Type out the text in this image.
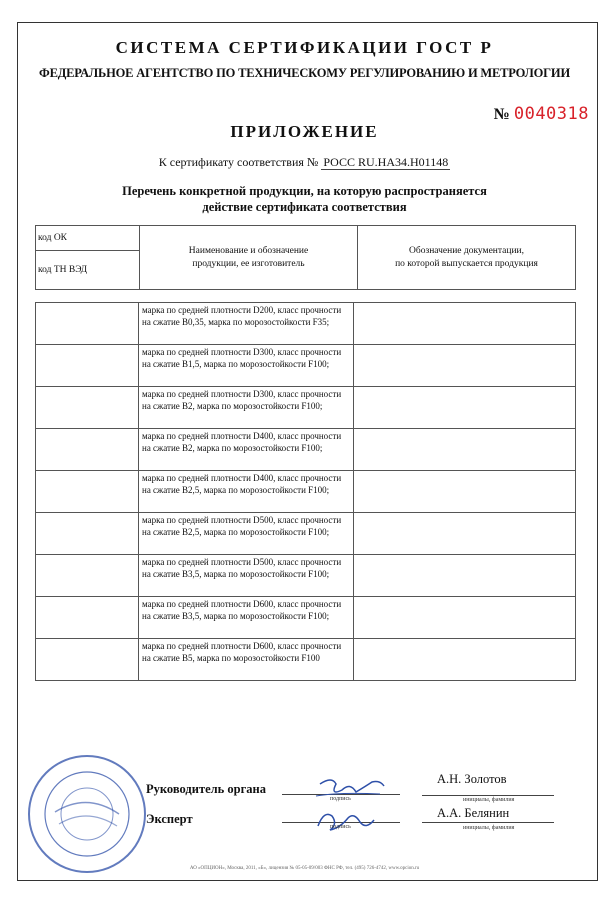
СИСТЕМА СЕРТИФИКАЦИИ ГОСТ Р
ФЕДЕРАЛЬНОЕ АГЕНТСТВО ПО ТЕХНИЧЕСКОМУ РЕГУЛИРОВАНИЮ И МЕТРОЛОГИИ
№ 0040318
ПРИЛОЖЕНИЕ
К сертификату соответствия № РОСС RU.HA34.H01148
Перечень конкретной продукции, на которую распространяется
действие сертификата соответствия
код ОК	
Наименование и обозначение
продукции, ее изготовитель

Обозначение документации,
по которой выпускается продукция

код ТН ВЭД
	марка по средней плотности D200, класс прочности на сжатие B0,35, марка по морозостойкости F35;	
	марка по средней плотности D300, класс прочности на сжатие B1,5, марка по морозостойкости F100;	
	марка по средней плотности D300, класс прочности на сжатие B2, марка по морозостойкости F100;	
	марка по средней плотности D400, класс прочности на сжатие B2, марка по морозостойкости F100;	
	марка по средней плотности D400, класс прочности на сжатие B2,5, марка по морозостойкости F100;	
	марка по средней плотности D500, класс прочности на сжатие B2,5, марка по морозостойкости F100;	
	марка по средней плотности D500, класс прочности на сжатие B3,5, марка по морозостойкости F100;	
	марка по средней плотности D600, класс прочности на сжатие B3,5, марка по морозостойкости F100;	
	марка по средней плотности D600, класс прочности на сжатие B5, марка по морозостойкости F100	
Руководитель органа
Эксперт
подпись
подпись
А.Н. Золотов
А.А. Белянин
инициалы, фамилия
инициалы, фамилия
АО «ОПЦИОН», Москва, 2011, «Б», лицензия № 05-05-09/003 ФНС РФ, тел. (495) 726-4742, www.opcion.ru
